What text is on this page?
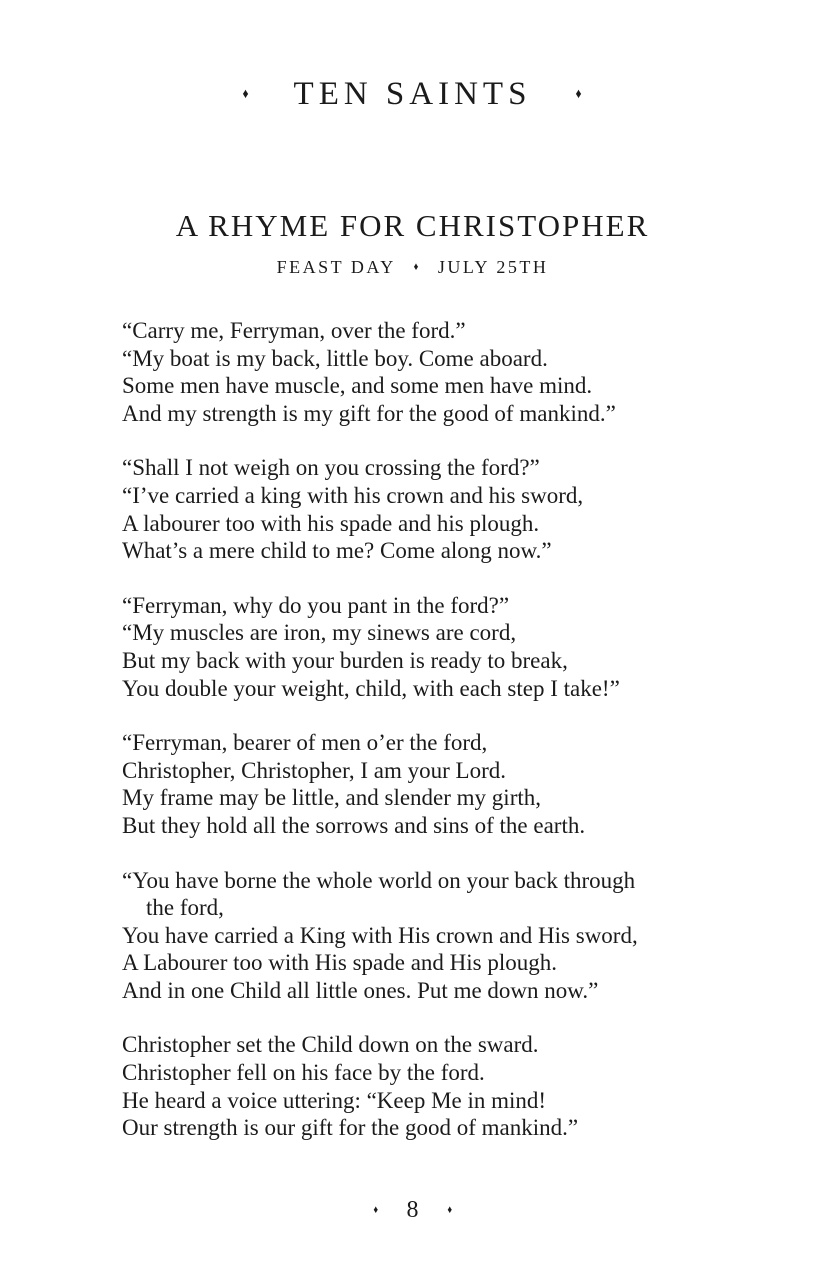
♦ TEN SAINTS	♦
A RHYME FOR CHRISTOPHER
FEAST DAY ♦ JULY 25TH

“Carry me, Ferryman, over the ford.”

“My boat is my back, little boy. Come aboard.

Some men have muscle, and some men have mind.

And my strength is my gift for the good of mankind.”

“Shall I not weigh on you crossing the ford?”

“I’ve carried a king with his crown and his sword,

A labourer too with his spade and his plough.

What’s a mere child to me? Come along now.”

“Ferryman, why do you pant in the ford?”

“My muscles are iron, my sinews are cord,

But my back with your burden is ready to break,

You double your weight, child, with each step I take!”

“Ferryman, bearer of men o’er the ford,

Christopher, Christopher, I am your Lord.

My frame may be little, and slender my girth,

But they hold all the sorrows and sins of the earth.

“You have borne the whole world on your back through

the ford,

You have carried a King with His crown and His sword,

A Labourer too with His spade and His plough.

And in one Child all little ones. Put me down now.”

Christopher set the Child down on the sward.

Christopher fell on his face by the ford.

He heard a voice uttering: “Keep Me in mind!

Our strength is our gift for the good of mankind.”

♦ 8	♦
